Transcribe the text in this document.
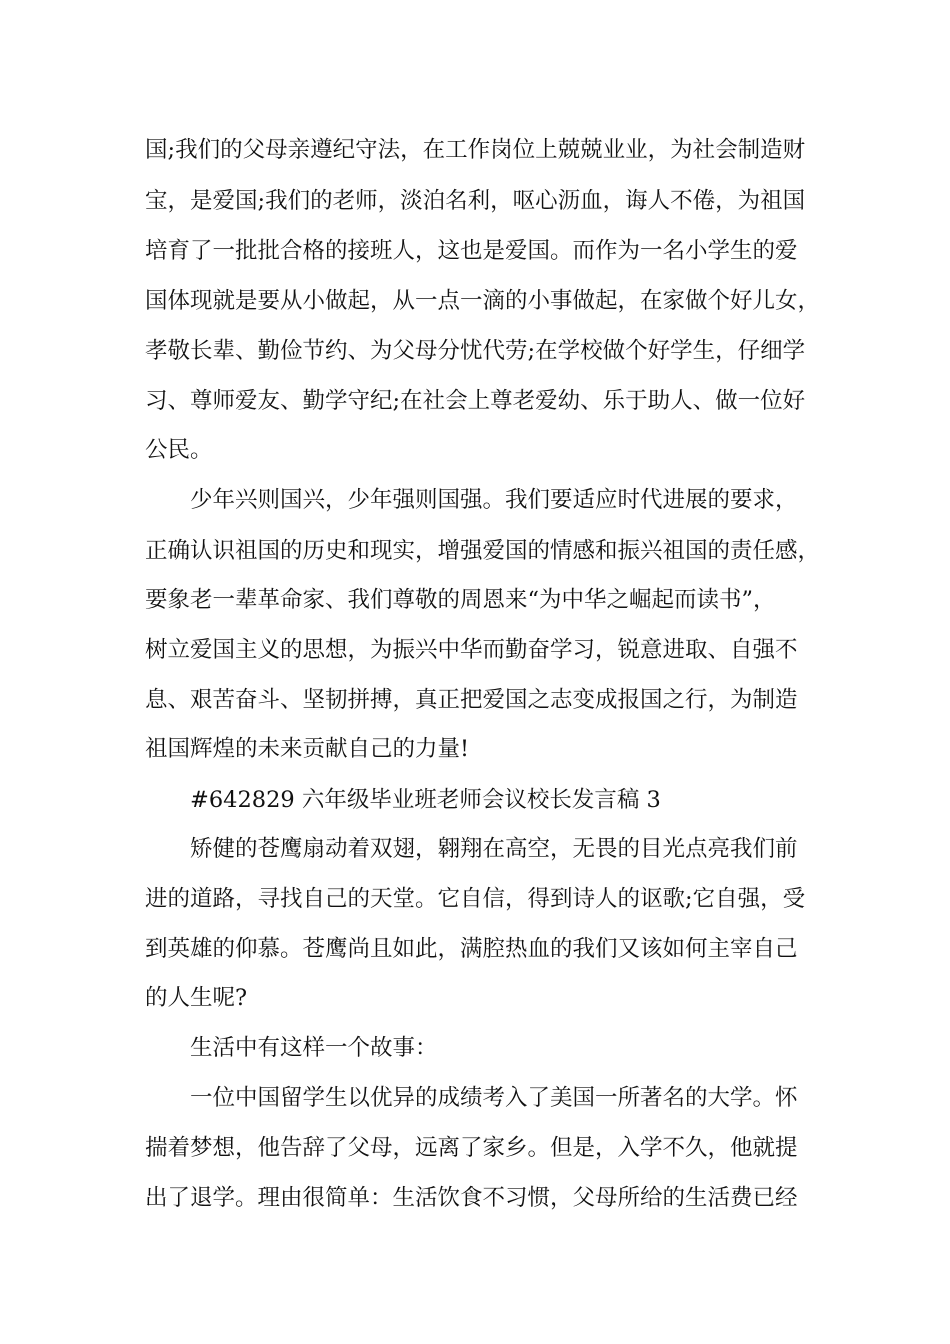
国;我们的父母亲遵纪守法，在工作岗位上兢兢业业，为社会制造财
宝，是爱国;我们的老师，淡泊名利，呕心沥血，诲人不倦，为祖国
培育了一批批合格的接班人，这也是爱国。而作为一名小学生的爱
国体现就是要从小做起，从一点一滴的小事做起，在家做个好儿女，
孝敬长辈、勤俭节约、为父母分忧代劳;在学校做个好学生，仔细学
习、尊师爱友、勤学守纪;在社会上尊老爱幼、乐于助人、做一位好
公民。
少年兴则国兴，少年强则国强。我们要适应时代进展的要求，
正确认识祖国的历史和现实，增强爱国的情感和振兴祖国的责任感，
要象老一辈革命家、我们尊敬的周恩来“为中华之崛起而读书”，
树立爱国主义的思想，为振兴中华而勤奋学习，锐意进取、自强不
息、艰苦奋斗、坚韧拼搏，真正把爱国之志变成报国之行，为制造
祖国辉煌的未来贡献自己的力量!
#642829 六年级毕业班老师会议校长发言稿 3
矫健的苍鹰扇动着双翅，翱翔在高空，无畏的目光点亮我们前
进的道路，寻找自己的天堂。它自信，得到诗人的讴歌;它自强，受
到英雄的仰慕。苍鹰尚且如此，满腔热血的我们又该如何主宰自己
的人生呢?
生活中有这样一个故事：
一位中国留学生以优异的成绩考入了美国一所著名的大学。怀
揣着梦想，他告辞了父母，远离了家乡。但是，入学不久，他就提
出了退学。理由很简单：生活饮食不习惯，父母所给的生活费已经
